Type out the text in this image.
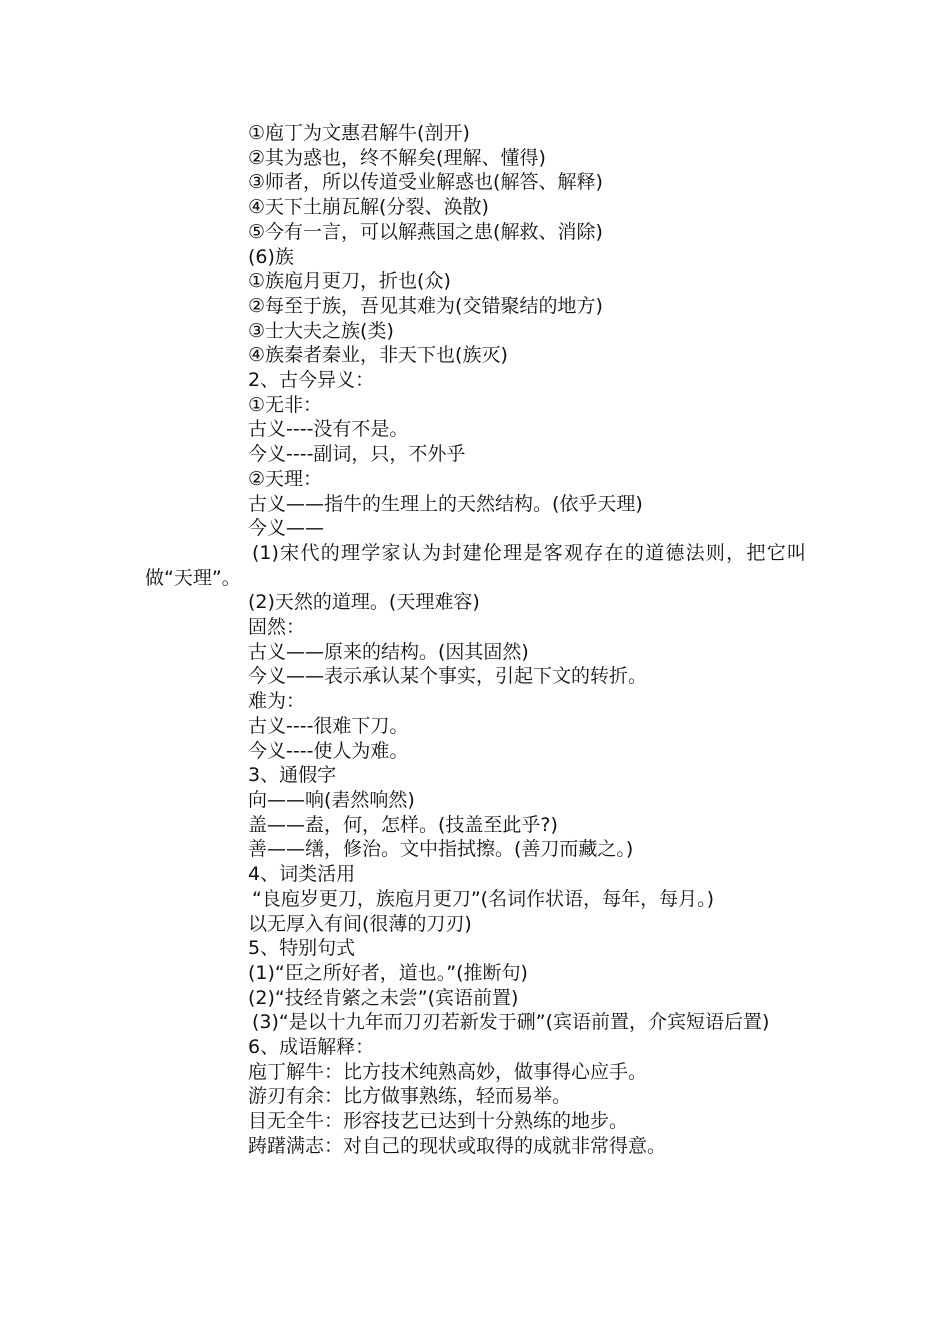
①庖丁为文惠君解牛(剖开)
②其为惑也，终不解矣(理解、懂得)
③师者，所以传道受业解惑也(解答、解释)
④天下土崩瓦解(分裂、涣散)
⑤今有一言，可以解燕国之患(解救、消除)
(6)族
①族庖月更刀，折也(众)
②每至于族，吾见其难为(交错聚结的地方)
③士大夫之族(类)
④族秦者秦业，非天下也(族灭)
2、古今异义：
①无非：
古义----没有不是。
今义----副词，只，不外乎
②天理：
古义——指牛的生理上的天然结构。(依乎天理)
今义——
(1)宋代的理学家认为封建伦理是客观存在的道德法则，把它叫做“天理”。
(2)天然的道理。(天理难容)
固然：
古义——原来的结构。(因其固然)
今义——表示承认某个事实，引起下文的转折。
难为：
古义----很难下刀。
今义----使人为难。
3、通假字
向——响(砉然响然)
盖——盍，何，怎样。(技盖至此乎?)
善——缮，修治。文中指拭擦。(善刀而藏之。)
4、词类活用
“良庖岁更刀，族庖月更刀”(名词作状语，每年，每月。)
以无厚入有间(很薄的刀刃)
5、特别句式
(1)“臣之所好者，道也。”(推断句)
(2)“技经肯綮之未尝”(宾语前置)
(3)“是以十九年而刀刃若新发于硎”(宾语前置，介宾短语后置)
6、成语解释：
庖丁解牛：比方技术纯熟高妙，做事得心应手。
游刃有余：比方做事熟练，轻而易举。
目无全牛：形容技艺已达到十分熟练的地步。
踌躇满志：对自己的现状或取得的成就非常得意。
